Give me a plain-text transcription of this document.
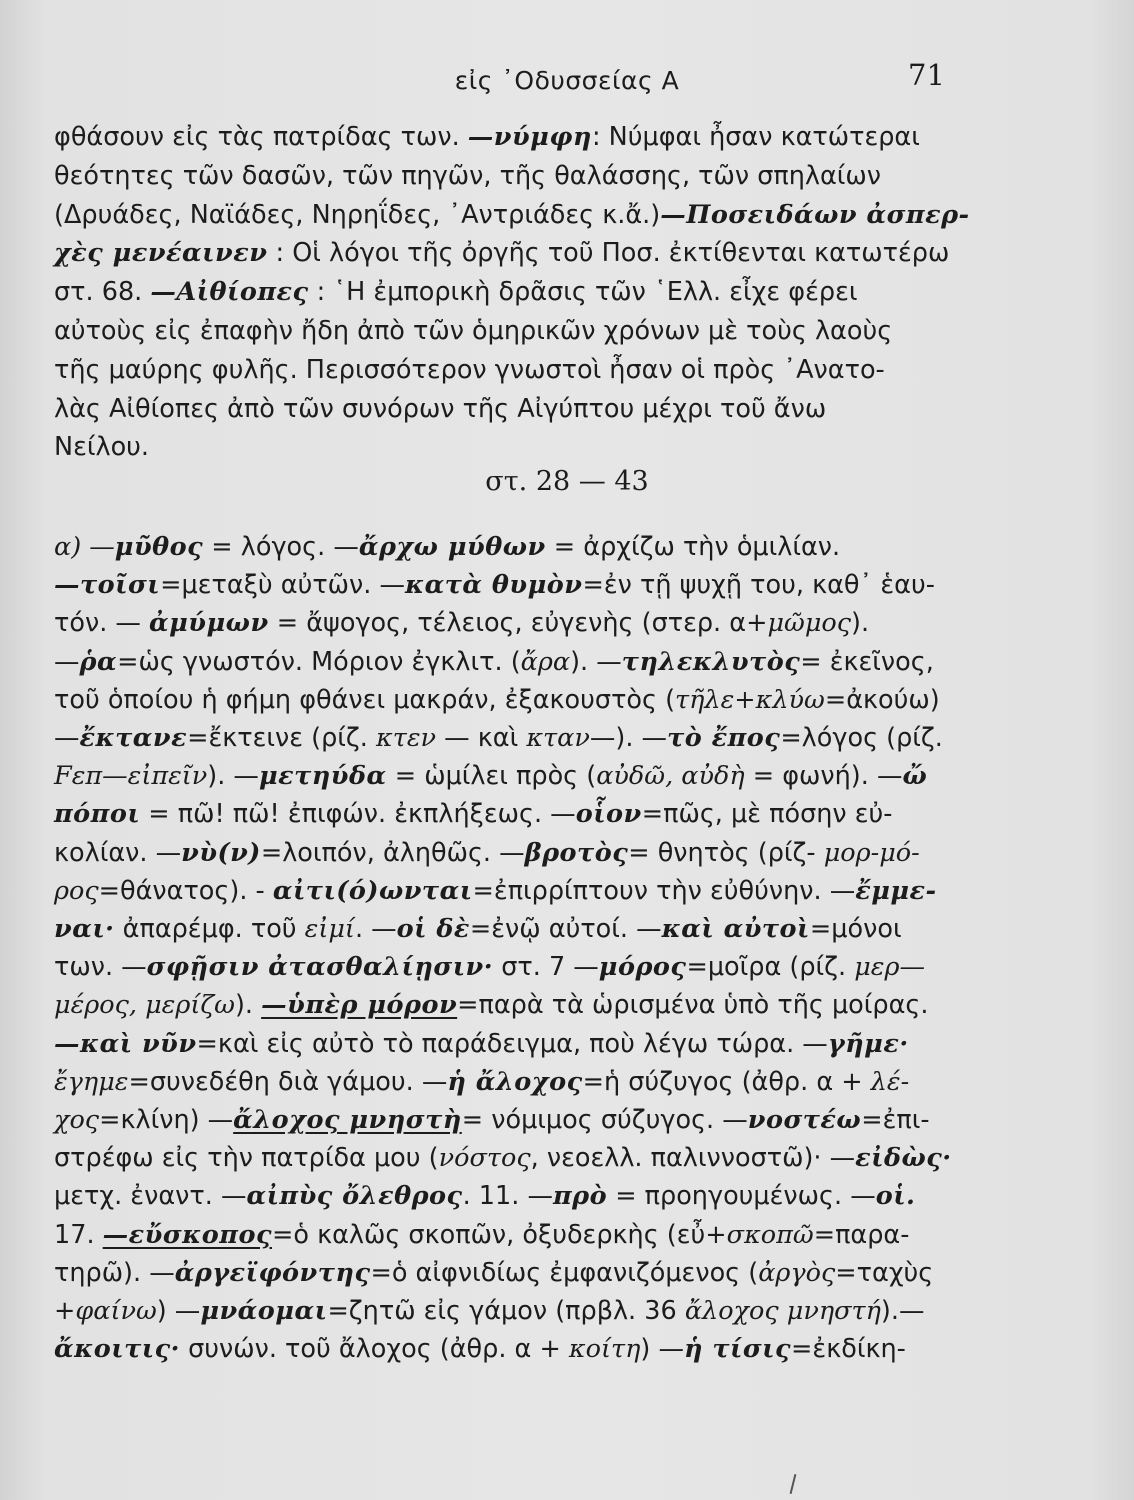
εἰς ᾿Οδυσσείας Α	71
φθάσουν εἰς τὰς πατρίδας των. —νύμφη: Νύμφαι ἦσαν κατώτεραι
θεότητες τῶν δασῶν, τῶν πηγῶν, τῆς θαλάσσης, τῶν σπηλαίων
(Δρυάδες, Ναϊάδες, Νηρηΐδες, ᾿Αντριάδες κ.ἄ.)—Ποσειδάων ἀσπερ-
χὲς μενέαινεν : Οἱ λόγοι τῆς ὀργῆς τοῦ Ποσ. ἐκτίθενται κατωτέρω
στ. 68. —Αἰθίοπες : ῾Η ἐμπορικὴ δρᾶσις τῶν ῾Ελλ. εἶχε φέρει
αὐτοὺς εἰς ἐπαφὴν ἤδη ἀπὸ τῶν ὁμηρικῶν χρόνων μὲ τοὺς λαοὺς
τῆς μαύρης φυλῆς. Περισσότερον γνωστοὶ ἦσαν οἱ πρὸς ᾿Ανατο-
λὰς Αἰθίοπες ἀπὸ τῶν συνόρων τῆς Αἰγύπτου μέχρι τοῦ ἄνω
Νείλου.
στ. 28 — 43
α) —μῦθος = λόγος. —ἄρχω μύθων = ἀρχίζω τὴν ὁμιλίαν.
—τοῖσι=μεταξὺ αὐτῶν. —κατὰ θυμὸν=ἐν τῇ ψυχῇ του, καθ᾿ ἑαυ-
τόν. — ἀμύμων = ἄψογος, τέλειος, εὐγενὴς (στερ. α+μῶμος).
—ῥα=ὡς γνωστόν. Μόριον ἐγκλιτ. (ἄρα). —τηλεκλυτὸς= ἐκεῖνος,
τοῦ ὁποίου ἡ φήμη φθάνει μακράν, ἐξακουστὸς (τῆλε+κλύω=ἀκούω)
—ἔκτανε=ἔκτεινε (ρίζ. κτεν — καὶ κταν—). —τὸ ἔπος=λόγος (ρίζ.
Fεπ—εἰπεῖν). —μετηύδα = ὡμίλει πρὸς (αὐδῶ, αὐδὴ = φωνή). —ὤ
πόποι = πῶ! πῶ! ἐπιφών. ἐκπλήξεως. —οἷον=πῶς, μὲ πόσην εὐ-
κολίαν. —νὺ(ν)=λοιπόν, ἀληθῶς. —βροτὸς= θνητὸς (ρίζ- μορ-μό-
ρος=θάνατος). - αἰτι(ό)ωνται=ἐπιρρίπτουν τὴν εὐθύνην. —ἔμμε-
ναι· ἀπαρέμφ. τοῦ εἰμί. —οἱ δὲ=ἐνῷ αὐτοί. —καὶ αὐτοὶ=μόνοι
των. —σφῇσιν ἀτασθαλίῃσιν· στ. 7 —μόρος=μοῖρα (ρίζ. μερ—
μέρος, μερίζω). —ὑπὲρ μόρον=παρὰ τὰ ὡρισμένα ὑπὸ τῆς μοίρας.
—καὶ νῦν=καὶ εἰς αὐτὸ τὸ παράδειγμα, ποὺ λέγω τώρα. —γῆμε·
ἔγημε=συνεδέθη διὰ γάμου. —ἡ ἄλοχος=ἡ σύζυγος (ἀθρ. α + λέ-
χος=κλίνη) —ἄλοχος μνηστὴ= νόμιμος σύζυγος. —νοστέω=ἐπι-
στρέφω εἰς τὴν πατρίδα μου (νόστος, νεοελλ. παλιννοστῶ)· —εἰδὼς·
μετχ. ἐναντ. —αἰπὺς ὄλεθρος. 11. —πρὸ = προηγουμένως. —οἱ.
17. —εὔσκοπος=ὁ καλῶς σκοπῶν, ὀξυδερκὴς (εὖ+σκοπῶ=παρα-
τηρῶ). —ἀργεϊφόντης=ὁ αἰφνιδίως ἐμφανιζόμενος (ἀργὸς=ταχὺς
+φαίνω) —μνάομαι=ζητῶ εἰς γάμον (πρβλ. 36 ἄλοχος μνηστή).—
ἄκοιτις· συνών. τοῦ ἄλοχος (ἀθρ. α + κοίτη) —ἡ τίσις=ἐκδίκη-
